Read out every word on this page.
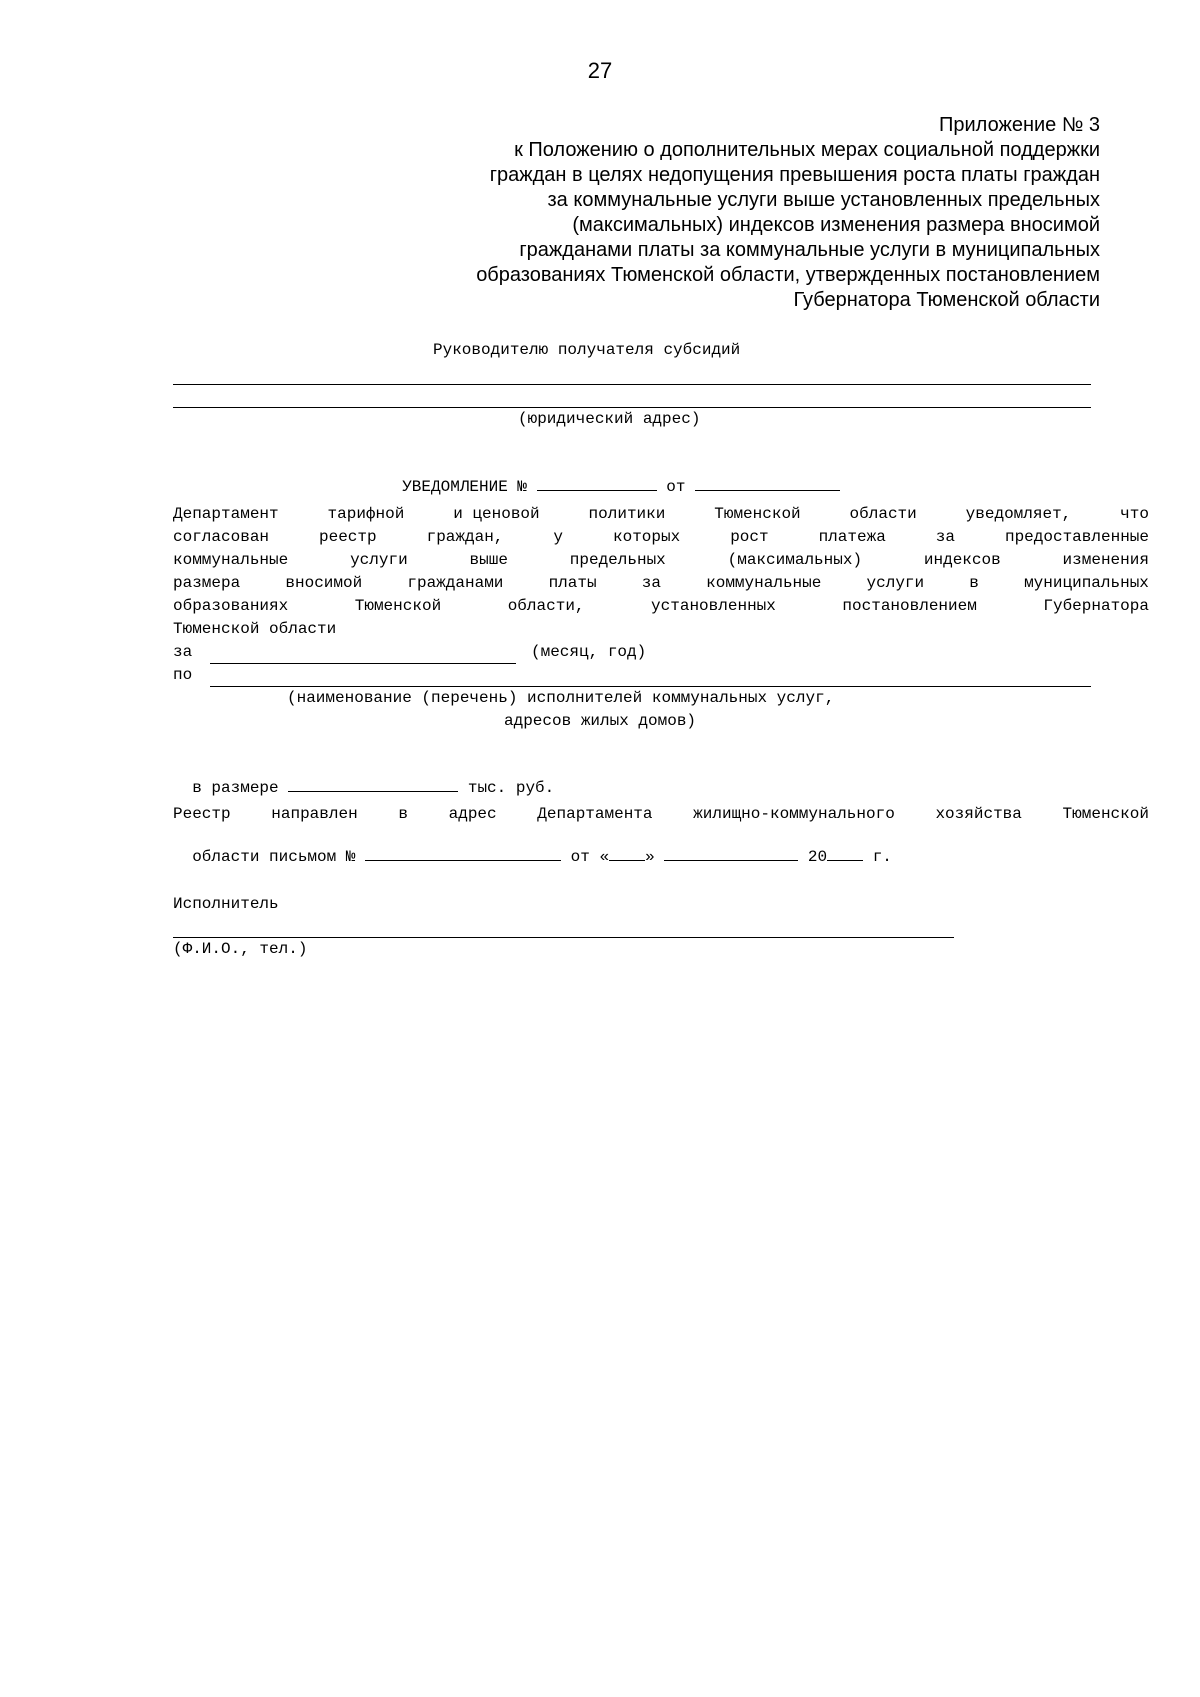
27
Приложение № 3
к Положению о дополнительных мерах социальной поддержки
граждан в целях недопущения превышения роста платы граждан
за коммунальные услуги выше установленных предельных
(максимальных) индексов изменения размера вносимой
гражданами платы за коммунальные услуги в муниципальных
образованиях Тюменской области, утвержденных постановлением
Губернатора Тюменской области
Руководителю получателя субсидий
(юридический адрес)

УВЕДОМЛЕНИЕ №	от

Департамент	тарифной	и ценовой	политики	Тюменской	области	уведомляет,	что
согласован	реестр	граждан,	у	которых	рост	платежа	за	предоставленные
коммунальные	услуги	выше	предельных	(максимальных)	индексов	изменения
размера	вносимой	гражданами	платы	за	коммунальные	услуги	в	муниципальных
образованиях	Тюменской	области,	установленных	постановлением	Губернатора
Тюменской области
за	(месяц, год)
по
(наименование (перечень) исполнителей коммунальных услуг,
адресов жилых домов)

в размере	тыс. руб.

Реестр	направлен	в	адрес	Департамента	жилищно-коммунального	хозяйства	Тюменской

области письмом №	от « »	20	г.

Исполнитель
(Ф.И.О., тел.)
